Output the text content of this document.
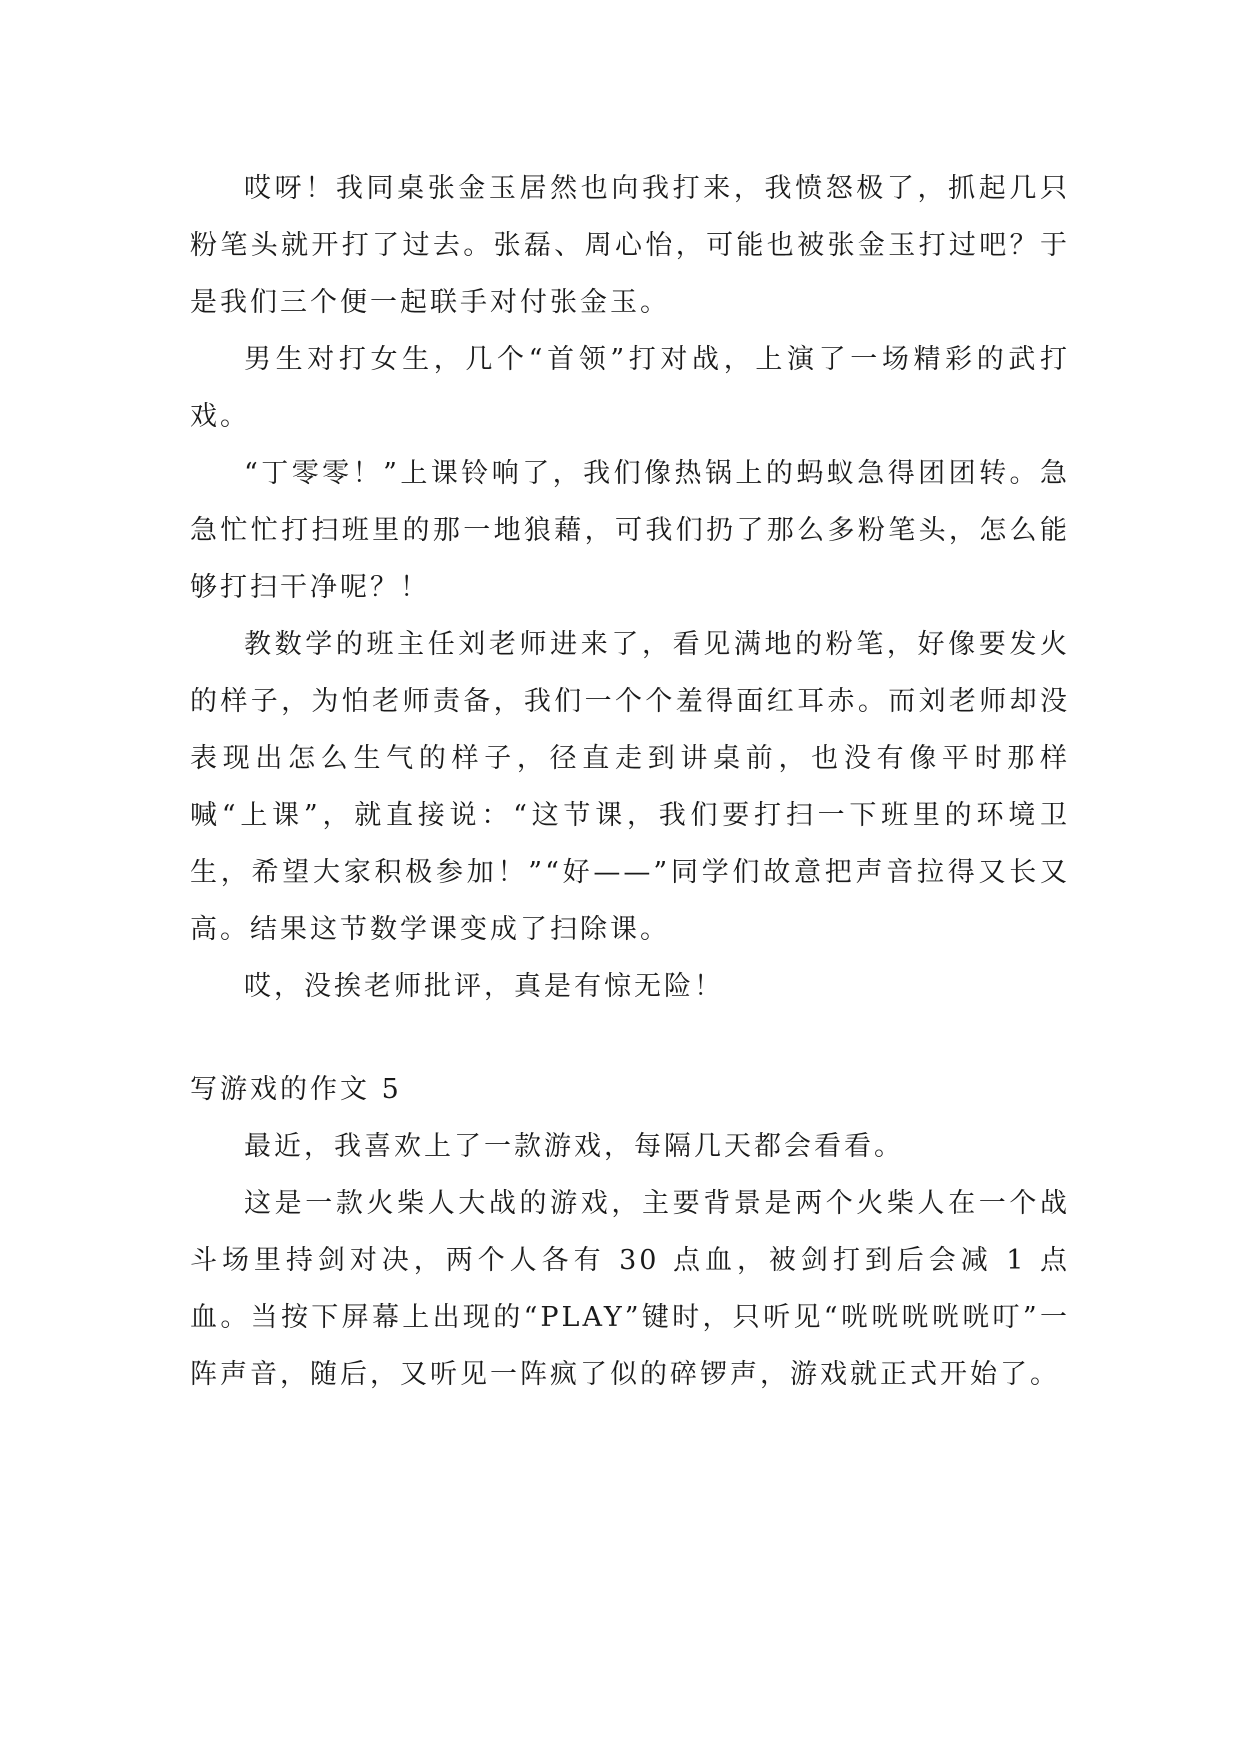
哎呀！我同桌张金玉居然也向我打来，我愤怒极了，抓起几只粉笔头就开打了过去。张磊、周心怡，可能也被张金玉打过吧？于是我们三个便一起联手对付张金玉。

男生对打女生，几个“首领”打对战，上演了一场精彩的武打戏。

“丁零零！”上课铃响了，我们像热锅上的蚂蚁急得团团转。急急忙忙打扫班里的那一地狼藉，可我们扔了那么多粉笔头，怎么能够打扫干净呢？！

教数学的班主任刘老师进来了，看见满地的粉笔，好像要发火的样子，为怕老师责备，我们一个个羞得面红耳赤。而刘老师却没表现出怎么生气的样子，径直走到讲桌前，也没有像平时那样喊“上课”，就直接说：“这节课，我们要打扫一下班里的环境卫生，希望大家积极参加！”“好——”同学们故意把声音拉得又长又高。结果这节数学课变成了扫除课。

哎，没挨老师批评，真是有惊无险！

写游戏的作文 5

最近，我喜欢上了一款游戏，每隔几天都会看看。

这是一款火柴人大战的游戏，主要背景是两个火柴人在一个战斗场里持剑对决，两个人各有 30 点血，被剑打到后会减 1 点血。当按下屏幕上出现的“PLAY”键时，只听见“咣咣咣咣咣叮”一阵声音，随后，又听见一阵疯了似的碎锣声，游戏就正式开始了。
